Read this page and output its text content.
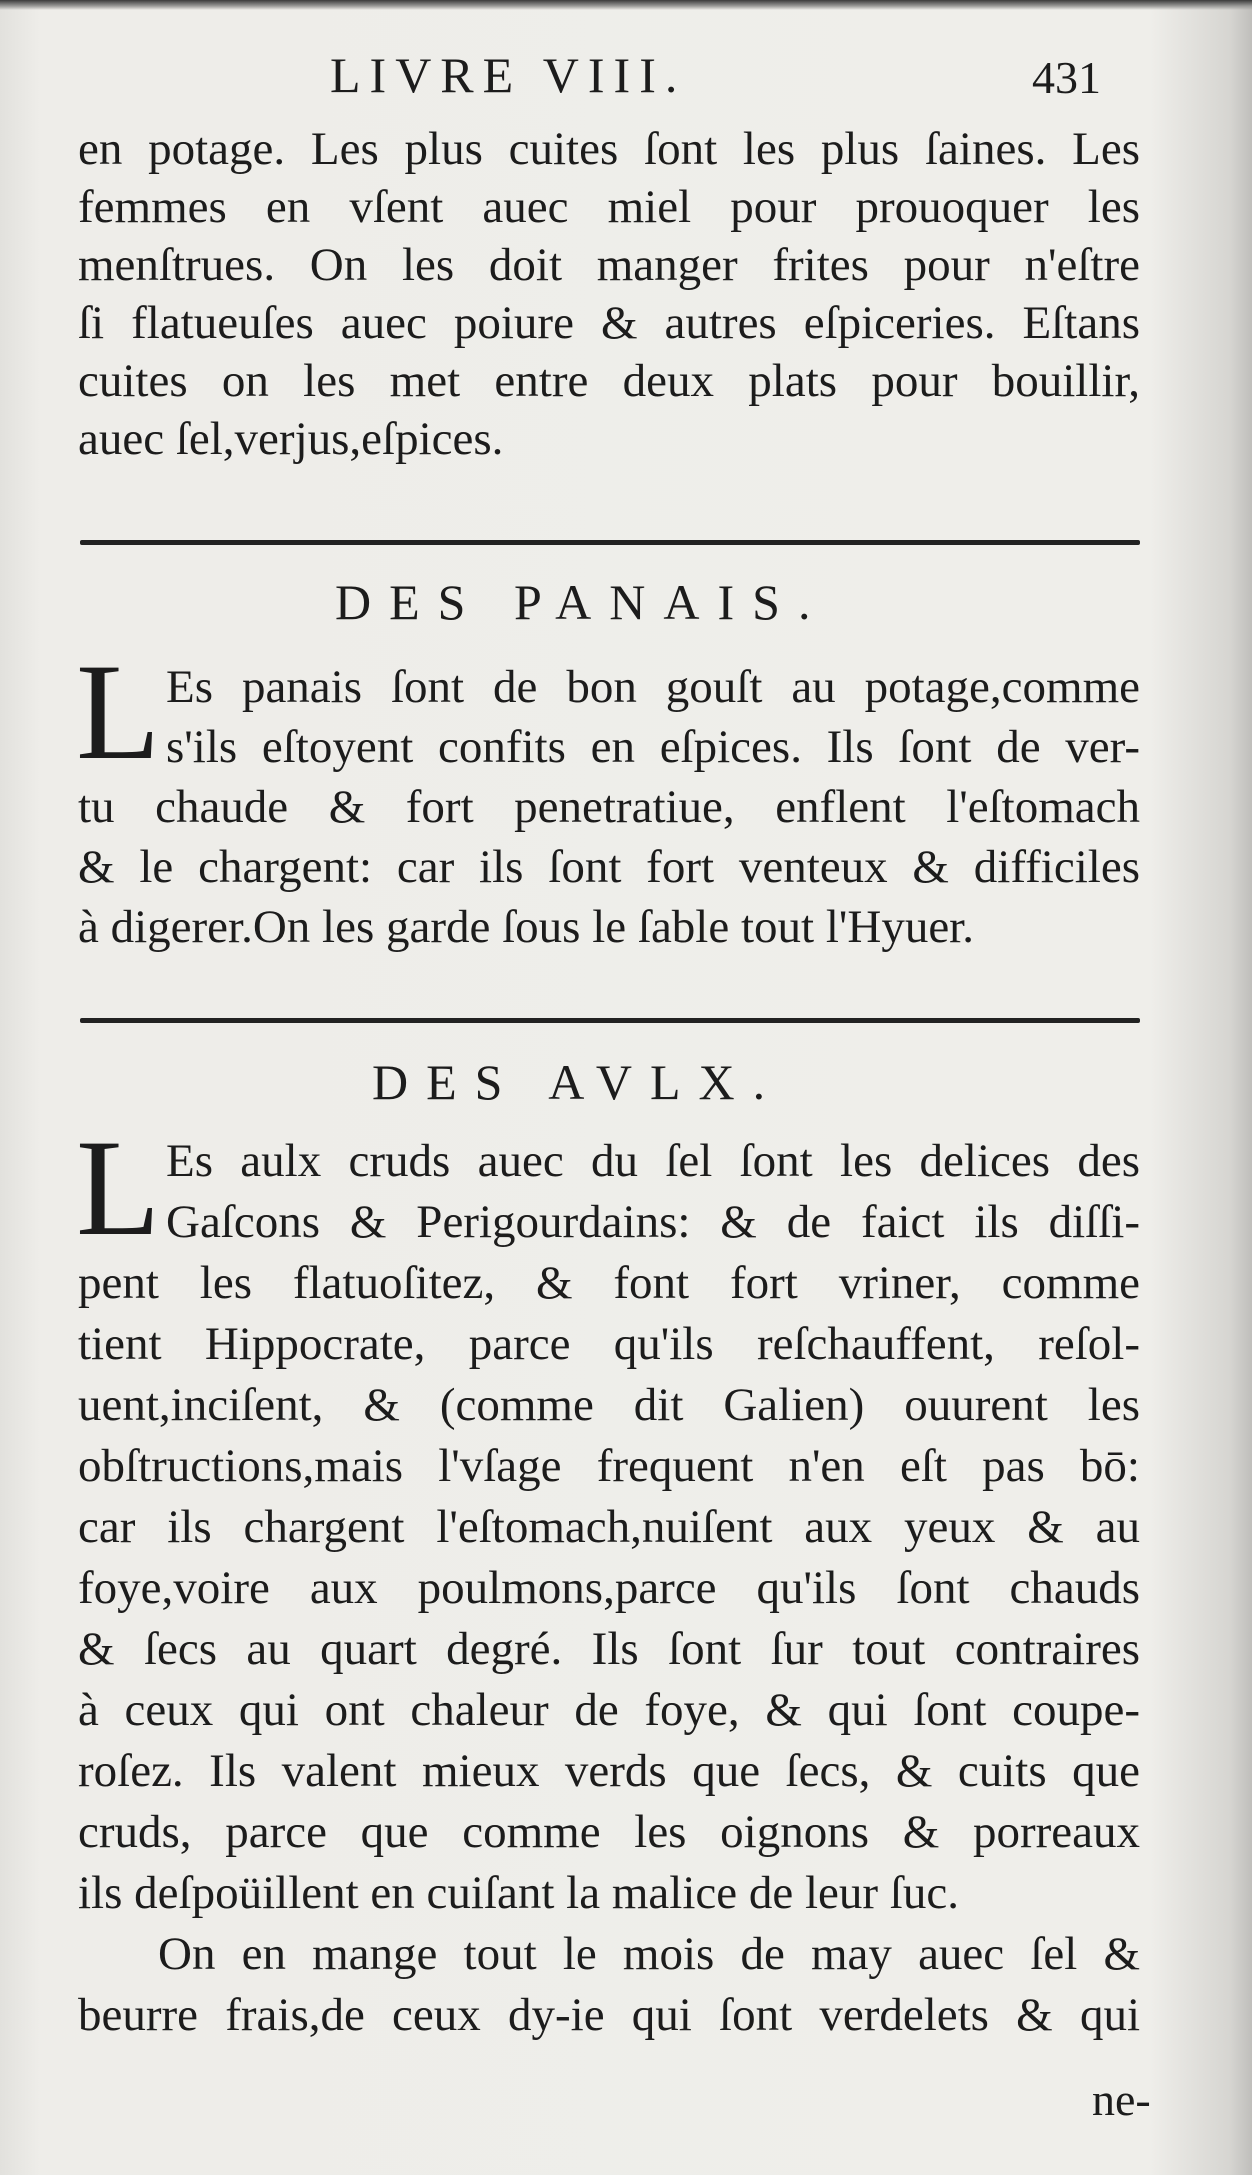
LIVRE VIII.	431
en potage. Les plus cuites ſont les plus ſaines. Les
femmes en vſent auec miel pour prouoquer les
menſtrues. On les doit manger frites pour n'eſtre
ſi flatueuſes auec poiure & autres eſpiceries. Eſtans
cuites on les met entre deux plats pour bouillir,
auec ſel,verjus,eſpices.
DES PANAIS.
L Es panais ſont de bon gouſt au potage,comme
s'ils eſtoyent confits en eſpices. Ils ſont de ver-
tu chaude & fort penetratiue, enflent l'eſtomach
& le chargent: car ils ſont fort venteux & difficiles
à digerer.On les garde ſous le ſable tout l'Hyuer.
DES AVLX.
L Es aulx cruds auec du ſel ſont les delices des
Gaſcons & Perigourdains: & de faict ils diſſi-
pent les flatuoſitez, & font fort vriner, comme
tient Hippocrate, parce qu'ils reſchauffent, reſol-
uent,inciſent, & (comme dit Galien) ouurent les
obſtructions,mais l'vſage frequent n'en eſt pas bō:
car ils chargent l'eſtomach,nuiſent aux yeux & au
foye,voire aux poulmons,parce qu'ils ſont chauds
& ſecs au quart degré. Ils ſont ſur tout contraires
à ceux qui ont chaleur de foye, & qui ſont coupe-
roſez. Ils valent mieux verds que ſecs, & cuits que
cruds, parce que comme les oignons & porreaux
ils deſpoüillent en cuiſant la malice de leur ſuc.
On en mange tout le mois de may auec ſel &
beurre frais,de ceux dy-ie qui ſont verdelets & qui
ne-
